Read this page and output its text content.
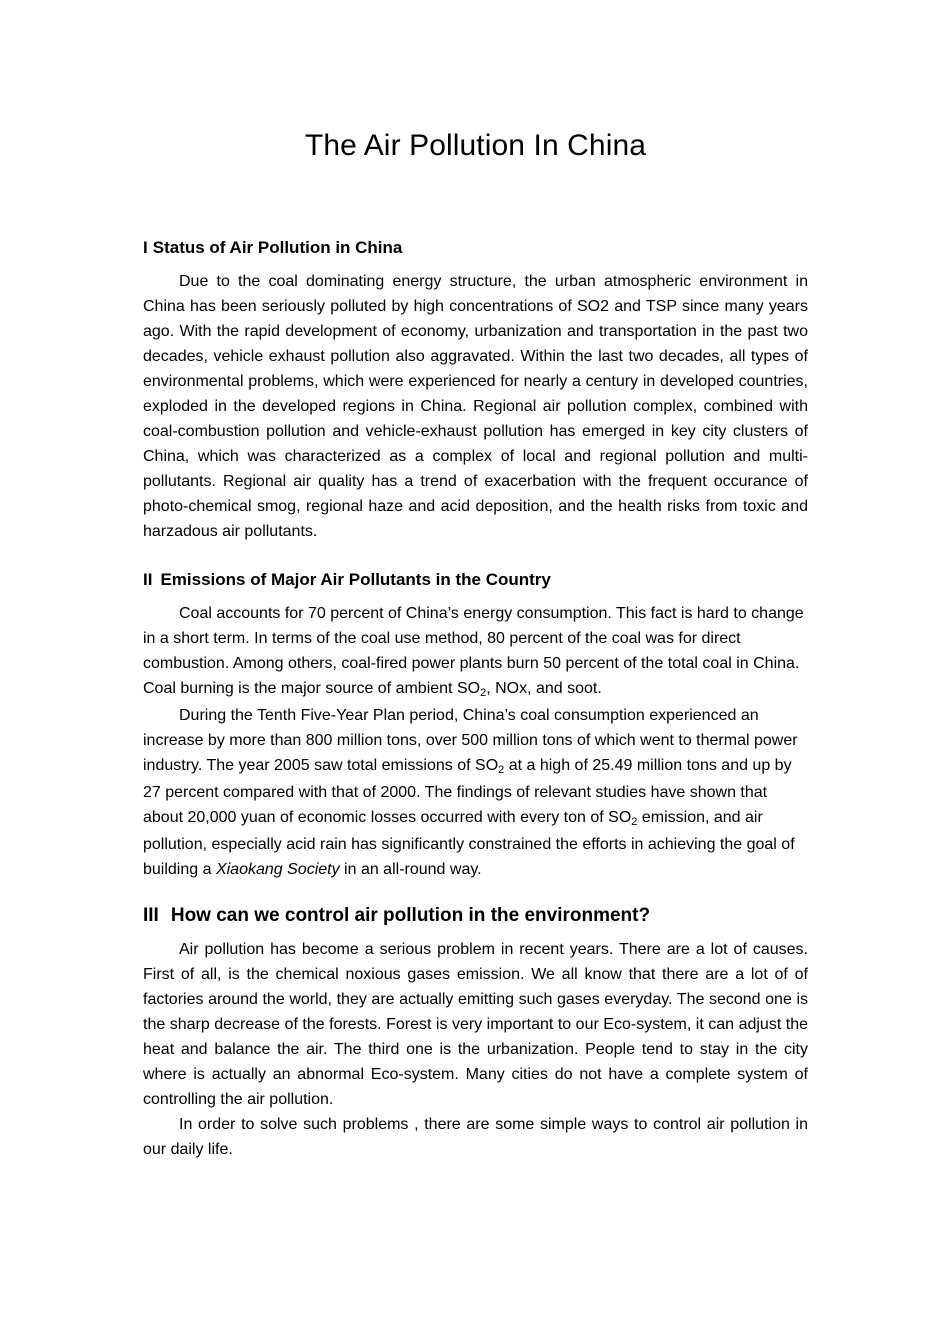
The Air Pollution In China
I Status of Air Pollution in China

Due to the coal dominating energy structure, the urban atmospheric environment in China has been seriously polluted by high concentrations of SO2 and TSP since many years ago. With the rapid development of economy, urbanization and transportation in the past two decades, vehicle exhaust pollution also aggravated. Within the last two decades, all types of environmental problems, which were experienced for nearly a century in developed countries, exploded in the developed regions in China. Regional air pollution complex, combined with coal-combustion pollution and vehicle-exhaust pollution has emerged in key city clusters of China, which was characterized as a complex of local and regional pollution and multi-pollutants. Regional air quality has a trend of exacerbation with the frequent occurance of photo-chemical smog, regional haze and acid deposition, and the health risks from toxic and harzadous air pollutants.

II Emissions of Major Air Pollutants in the Country

Coal accounts for 70 percent of China’s energy consumption. This fact is hard to change in a short term. In terms of the coal use method, 80 percent of the coal was for direct combustion. Among others, coal-fired power plants burn 50 percent of the total coal in China. Coal burning is the major source of ambient $SO_2$, NOx, and soot.

During the Tenth Five-Year Plan period, China’s coal consumption experienced an increase by more than 800 million tons, over 500 million tons of which went to thermal power industry. The year 2005 saw total emissions of $SO_2$ at a high of 25.49 million tons and up by 27 percent compared with that of 2000. The findings of relevant studies have shown that about 20,000 yuan of economic losses occurred with every ton of $SO_2$ emission, and air pollution, especially acid rain has significantly constrained the efforts in achieving the goal of building a Xiaokang Society in an all-round way.

III How can we control air pollution in the environment?

Air pollution has become a serious problem in recent years. There are a lot of causes. First of all, is the chemical noxious gases emission. We all know that there are a lot of of factories around the world, they are actually emitting such gases everyday. The second one is the sharp decrease of the forests. Forest is very important to our Eco-system, it can adjust the heat and balance the air. The third one is the urbanization. People tend to stay in the city where is actually an abnormal Eco-system. Many cities do not have a complete system of controlling the air pollution.

In order to solve such problems , there are some simple ways to control air pollution in our daily life.
